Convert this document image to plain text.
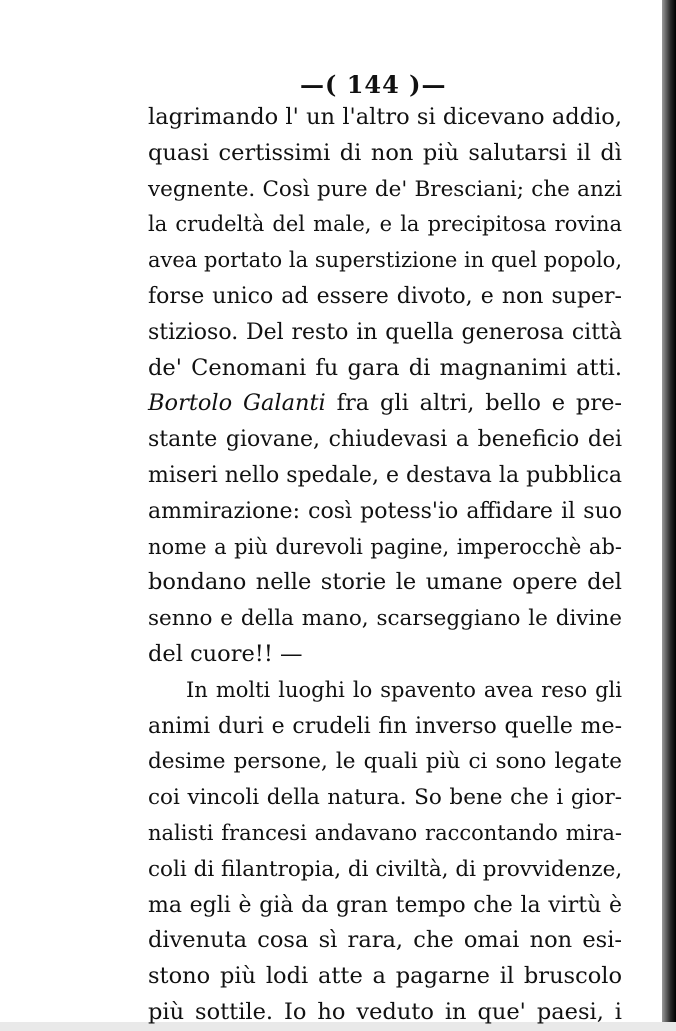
—( 144 )—
lagrimando l' un l'altro si dicevano addio,
quasi certissimi di non più salutarsi il dì
vegnente. Così pure de' Bresciani; che anzi
la crudeltà del male, e la precipitosa rovina
avea portato la superstizione in quel popolo,
forse unico ad essere divoto, e non super-
stizioso. Del resto in quella generosa città
de' Cenomani fu gara di magnanimi atti.
Bortolo Galanti fra gli altri, bello e pre-
stante giovane, chiudevasi a beneficio dei
miseri nello spedale, e destava la pubblica
ammirazione: così potess'io affidare il suo
nome a più durevoli pagine, imperocchè ab-
bondano nelle storie le umane opere del
senno e della mano, scarseggiano le divine
del cuore!! —
In molti luoghi lo spavento avea reso gli
animi duri e crudeli fin inverso quelle me-
desime persone, le quali più ci sono legate
coi vincoli della natura. So bene che i gior-
nalisti francesi andavano raccontando mira-
coli di filantropia, di civiltà, di provvidenze,
ma egli è già da gran tempo che la virtù è
divenuta cosa sì rara, che omai non esi-
stono più lodi atte a pagarne il bruscolo
più sottile. Io ho veduto in que' paesi, i
